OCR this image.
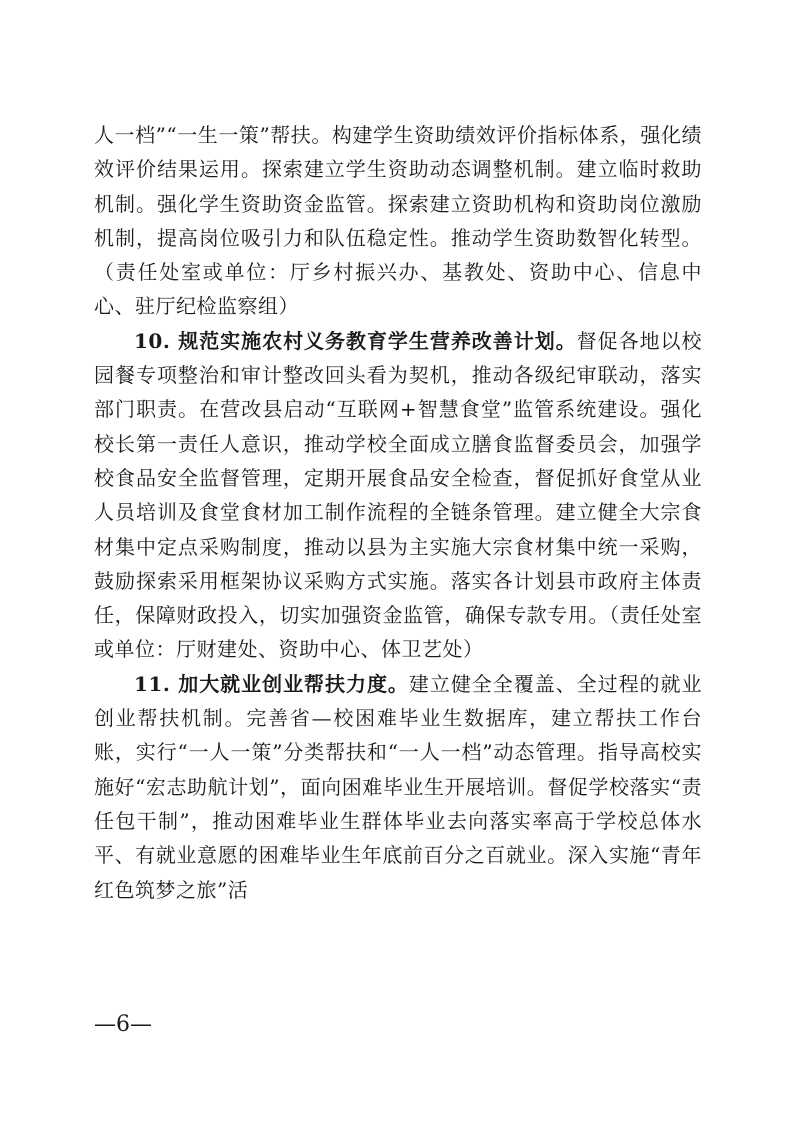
人一档”“一生一策”帮扶。构建学生资助绩效评价指标体系，强化绩效评价结果运用。探索建立学生资助动态调整机制。建立临时救助机制。强化学生资助资金监管。探索建立资助机构和资助岗位激励机制，提高岗位吸引力和队伍稳定性。推动学生资助数智化转型。（责任处室或单位：厅乡村振兴办、基教处、资助中心、信息中心、驻厅纪检监察组）

10. 规范实施农村义务教育学生营养改善计划。督促各地以校园餐专项整治和审计整改回头看为契机，推动各级纪审联动，落实部门职责。在营改县启动“互联网+智慧食堂”监管系统建设。强化校长第一责任人意识，推动学校全面成立膳食监督委员会，加强学校食品安全监督管理，定期开展食品安全检查，督促抓好食堂从业人员培训及食堂食材加工制作流程的全链条管理。建立健全大宗食材集中定点采购制度，推动以县为主实施大宗食材集中统一采购，鼓励探索采用框架协议采购方式实施。落实各计划县市政府主体责任，保障财政投入，切实加强资金监管，确保专款专用。（责任处室或单位：厅财建处、资助中心、体卫艺处）

11. 加大就业创业帮扶力度。建立健全全覆盖、全过程的就业创业帮扶机制。完善省—校困难毕业生数据库，建立帮扶工作台账，实行“一人一策”分类帮扶和“一人一档”动态管理。指导高校实施好“宏志助航计划”，面向困难毕业生开展培训。督促学校落实“责任包干制”，推动困难毕业生群体毕业去向落实率高于学校总体水平、有就业意愿的困难毕业生年底前百分之百就业。深入实施“青年红色筑梦之旅”活

—6—
